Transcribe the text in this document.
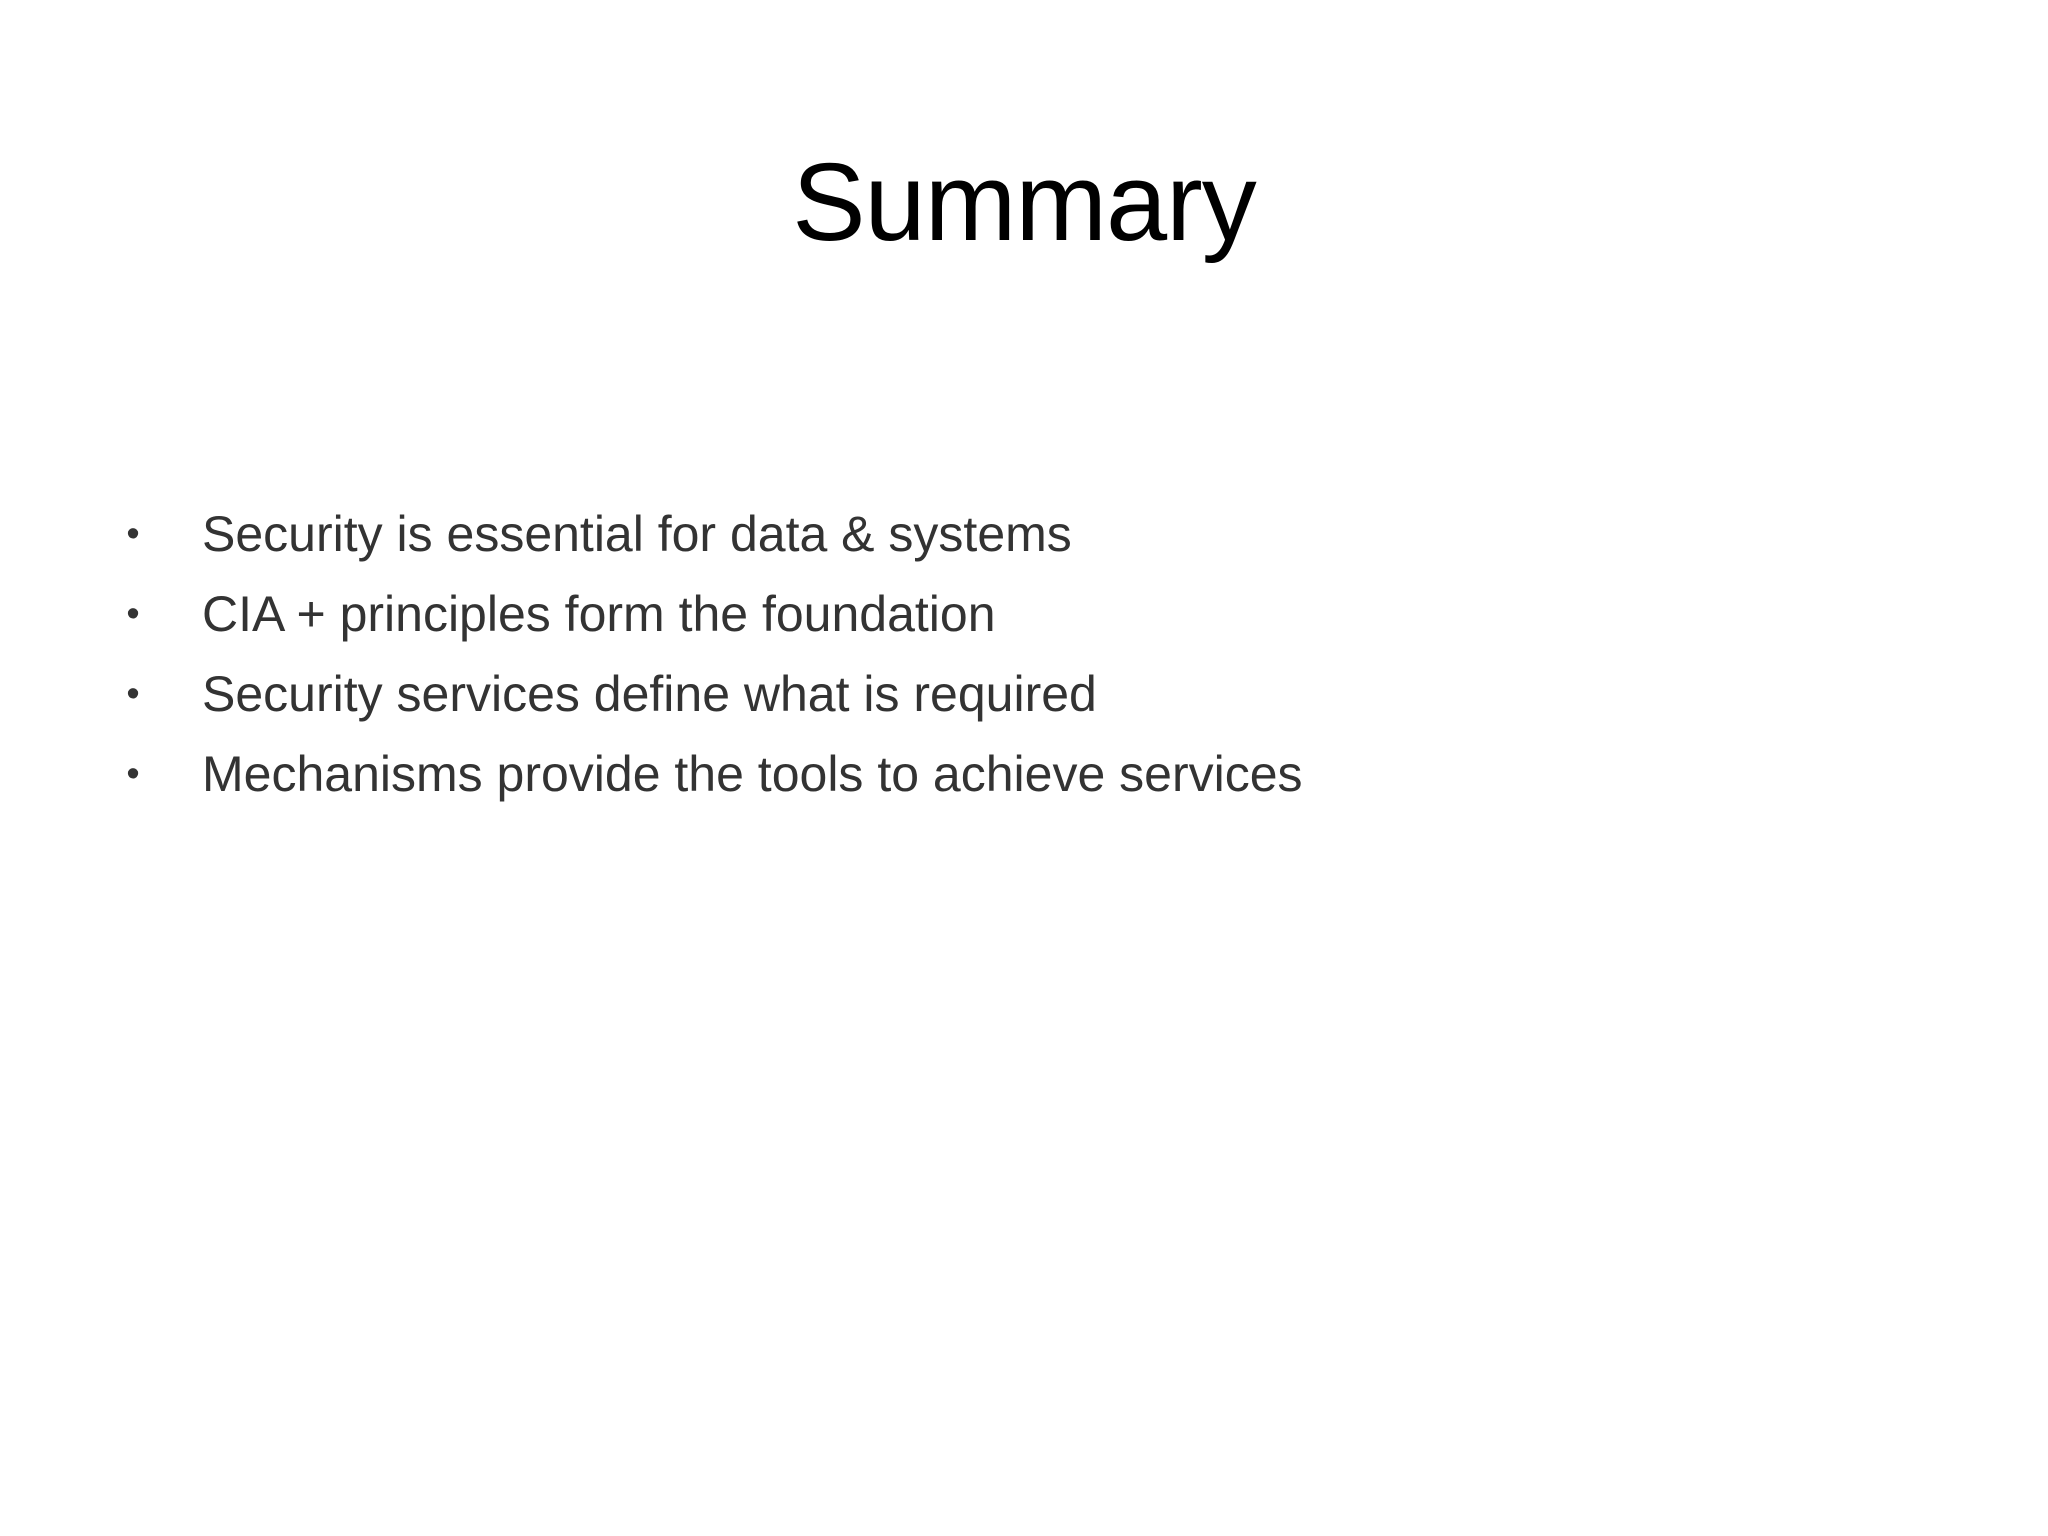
Summary
• Security is essential for data & systems
• CIA + principles form the foundation
• Security services define what is required
• Mechanisms provide the tools to achieve services
